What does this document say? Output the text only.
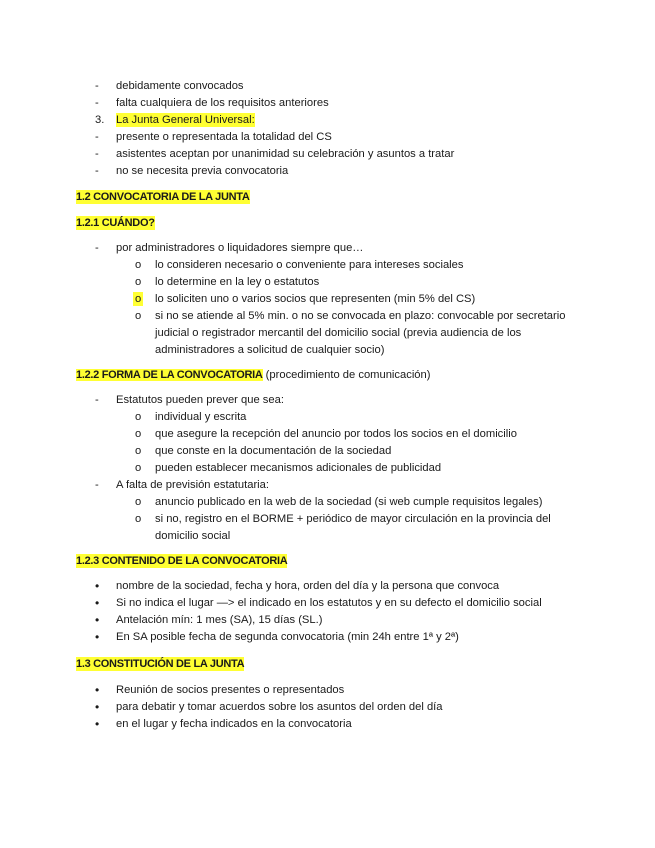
- debidamente convocados
- falta cualquiera de los requisitos anteriores
3. La Junta General Universal:
- presente o representada la totalidad del CS
- asistentes aceptan por unanimidad su celebración y asuntos a tratar
- no se necesita previa convocatoria
1.2 CONVOCATORIA DE LA JUNTA
1.2.1 CUÁNDO?
- por administradores o liquidadores siempre que…
o lo consideren necesario o conveniente para intereses sociales
o lo determine en la ley o estatutos
o lo soliciten uno o varios socios que representen (min 5% del CS)
o si no se atiende al 5% min. o no se convocada en plazo: convocable por secretario
judicial o registrador mercantil del domicilio social (previa audiencia de los
administradores a solicitud de cualquier socio)
1.2.2 FORMA DE LA CONVOCATORIA (procedimiento de comunicación)
- Estatutos pueden prever que sea:
o individual y escrita
o que asegure la recepción del anuncio por todos los socios en el domicilio
o que conste en la documentación de la sociedad
o pueden establecer mecanismos adicionales de publicidad
- A falta de previsión estatutaria:
o anuncio publicado en la web de la sociedad (si web cumple requisitos legales)
o si no, registro en el BORME + periódico de mayor circulación en la provincia del
domicilio social
1.2.3 CONTENIDO DE LA CONVOCATORIA
• nombre de la sociedad, fecha y hora, orden del día y la persona que convoca
• Si no indica el lugar —> el indicado en los estatutos y en su defecto el domicilio social
• Antelación mín: 1 mes (SA), 15 días (SL.)
• En SA posible fecha de segunda convocatoria (min 24h entre 1ª y 2ª)
1.3 CONSTITUCIÓN DE LA JUNTA
• Reunión de socios presentes o representados
• para debatir y tomar acuerdos sobre los asuntos del orden del día
• en el lugar y fecha indicados en la convocatoria
